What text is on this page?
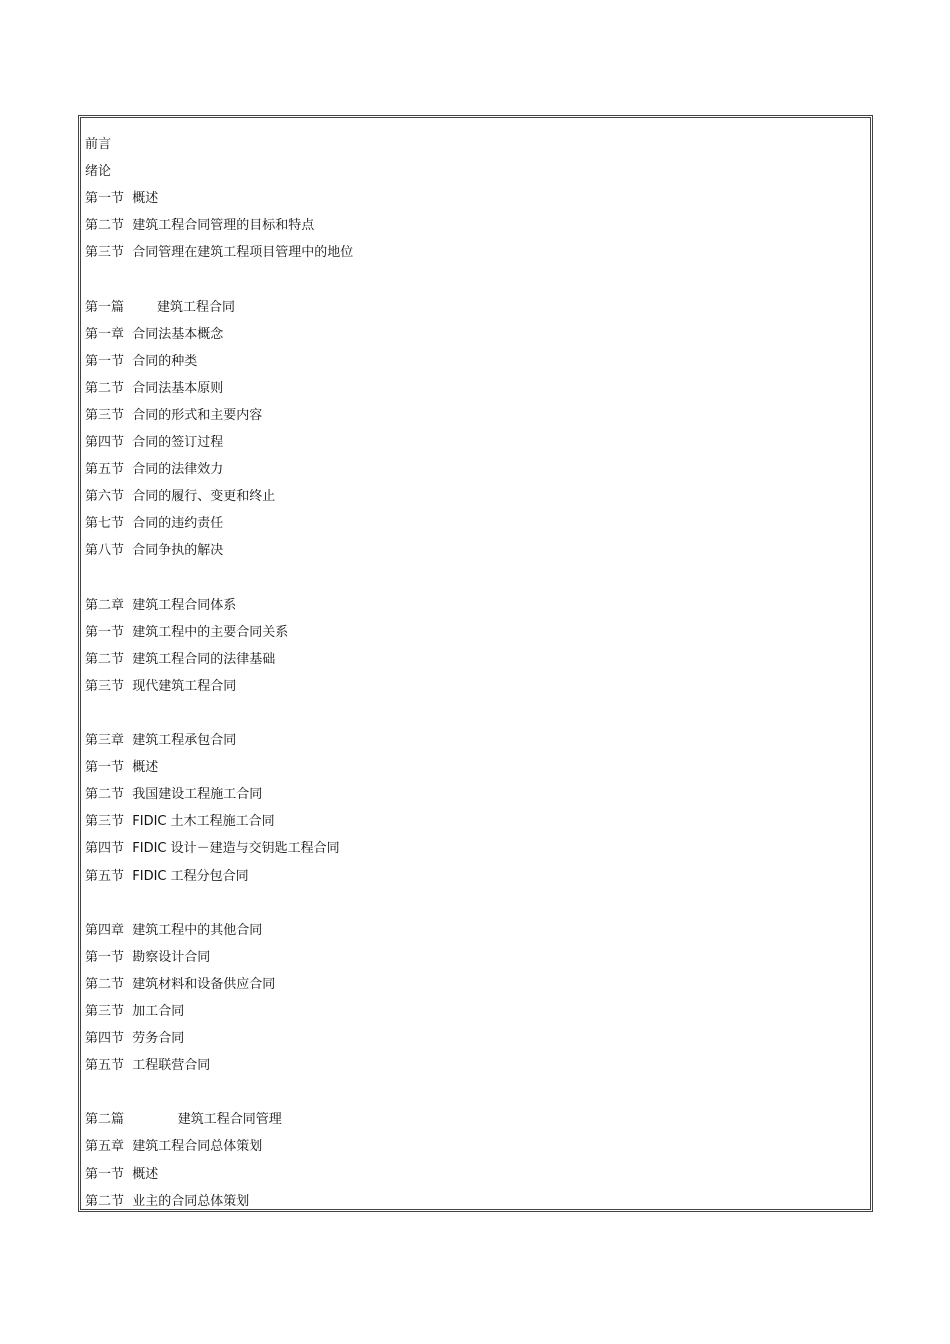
前言
绪论
第一节  概述
第二节  建筑工程合同管理的目标和特点
第三节  合同管理在建筑工程项目管理中的地位
第一篇        建筑工程合同
第一章  合同法基本概念
第一节  合同的种类
第二节  合同法基本原则
第三节  合同的形式和主要内容
第四节  合同的签订过程
第五节  合同的法律效力
第六节  合同的履行、变更和终止
第七节  合同的违约责任
第八节  合同争执的解决
第二章  建筑工程合同体系
第一节  建筑工程中的主要合同关系
第二节  建筑工程合同的法律基础
第三节  现代建筑工程合同
第三章  建筑工程承包合同
第一节  概述
第二节  我国建设工程施工合同
第三节  FIDIC 土木工程施工合同
第四节  FIDIC 设计－建造与交钥匙工程合同
第五节  FIDIC 工程分包合同
第四章  建筑工程中的其他合同
第一节  勘察设计合同
第二节  建筑材料和设备供应合同
第三节  加工合同
第四节  劳务合同
第五节  工程联营合同
第二篇             建筑工程合同管理
第五章  建筑工程合同总体策划
第一节  概述
第二节  业主的合同总体策划
